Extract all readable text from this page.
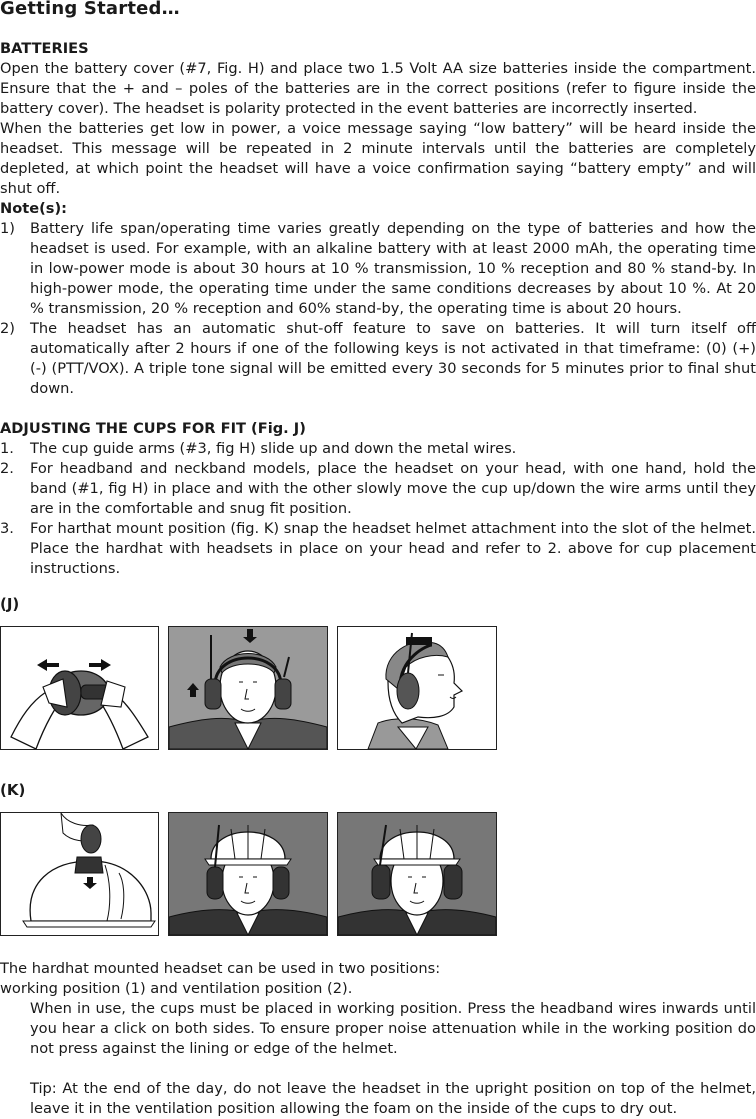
Getting Started…
BATTERIES
Open the battery cover (#7, Fig. H) and place two 1.5 Volt AA size batteries inside the compartment. Ensure that the + and – poles of the batteries are in the correct positions (refer to figure inside the battery cover). The headset is polarity protected in the event batteries are incorrectly inserted.
When the batteries get low in power, a voice message saying “low battery” will be heard inside the headset. This message will be repeated in 2 minute intervals until the batteries are completely depleted, at which point the headset will have a voice confirmation saying “battery empty” and will shut off.
Note(s):
1) Battery life span/operating time varies greatly depending on the type of batteries and how the headset is used. For example, with an alkaline battery with at least 2000 mAh, the operating time in low-power mode is about 30 hours at 10 % transmission, 10 % reception and 80 % stand-by. In high-power mode, the operating time under the same conditions decreases by about 10 %. At 20 % transmission, 20 % reception and 60% stand-by, the operating time is about 20 hours.
2) The headset has an automatic shut-off feature to save on batteries. It will turn itself off automatically after 2 hours if one of the following keys is not activated in that timeframe: (0) (+) (-) (PTT/VOX). A triple tone signal will be emitted every 30 seconds for 5 minutes prior to final shut down.
ADJUSTING THE CUPS FOR FIT (Fig. J)
1. The cup guide arms (#3, fig H) slide up and down the metal wires.
2. For headband and neckband models, place the headset on your head, with one hand, hold the band (#1, fig H) in place and with the other slowly move the cup up/down the wire arms until they are in the comfortable and snug fit position.
3. For harthat mount position (fig. K) snap the headset helmet attachment into the slot of the helmet. Place the hardhat with headsets in place on your head and refer to 2. above for cup placement instructions.
(J)
(K)
The hardhat mounted headset can be used in two positions:
working position (1) and ventilation position (2).
When in use, the cups must be placed in working position. Press the headband wires inwards until you hear a click on both sides. To ensure proper noise attenuation while in the working position do not press against the lining or edge of the helmet.
Tip: At the end of the day, do not leave the headset in the upright position on top of the helmet, leave it in the ventilation position allowing the foam on the inside of the cups to dry out.
